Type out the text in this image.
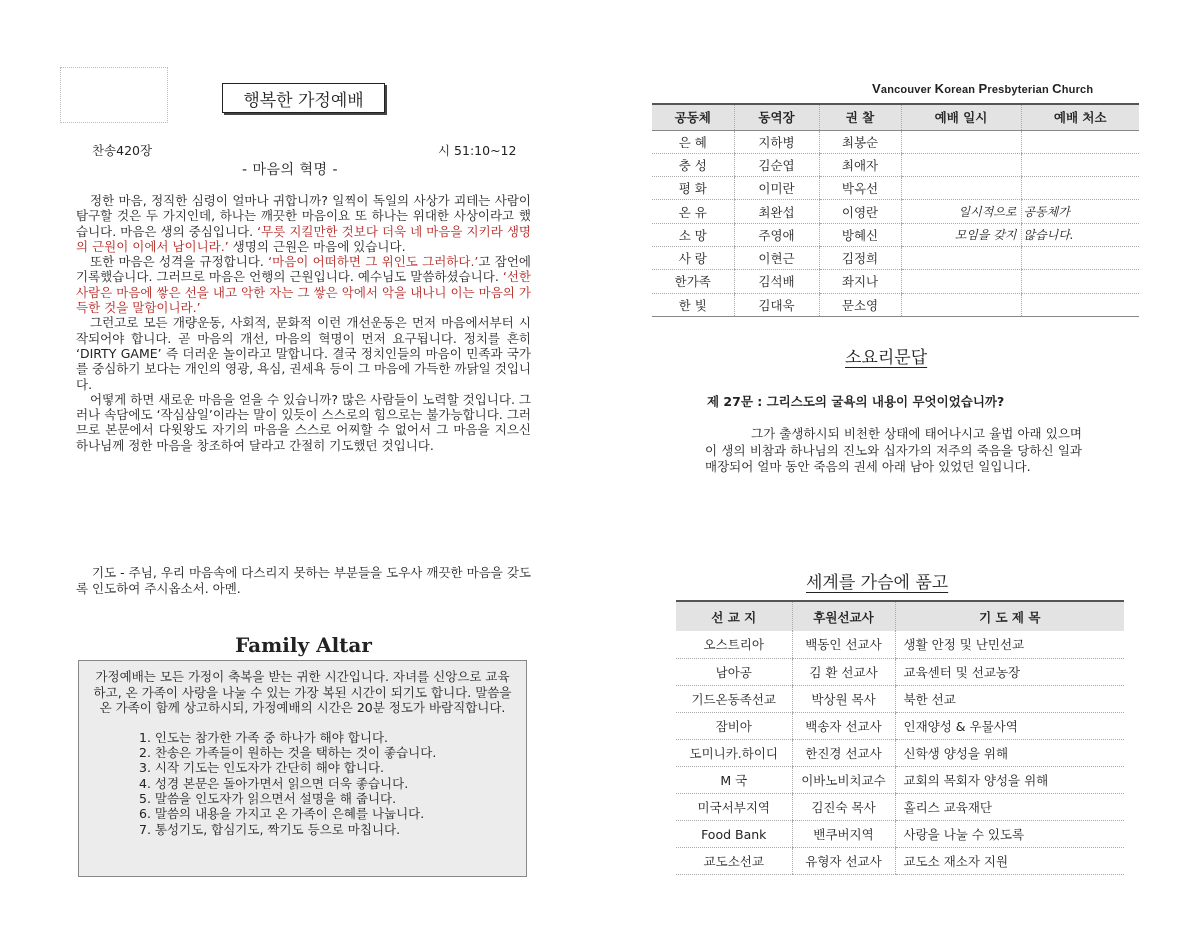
행복한 가정예배
찬송420장	시 51:10~12
- 마음의 혁명 -

정한 마음, 정직한 심령이 얼마나 귀합니까? 일찍이 독일의 사상가 괴테는 사람이 탐구할 것은 두 가지인데, 하나는 깨끗한 마음이요 또 하나는 위대한 사상이라고 했습니다. 마음은 생의 중심입니다. ‘무릇 지킬만한 것보다 더욱 네 마음을 지키라 생명의 근원이 이에서 남이니라.’ 생명의 근원은 마음에 있습니다.

또한 마음은 성격을 규정합니다. ‘마음이 어떠하면 그 위인도 그러하다.’고 잠언에 기록했습니다. 그러므로 마음은 언행의 근원입니다. 예수님도 말씀하셨습니다. ‘선한 사람은 마음에 쌓은 선을 내고 악한 자는 그 쌓은 악에서 악을 내나니 이는 마음의 가득한 것을 말함이니라.’

그런고로 모든 개량운동, 사회적, 문화적 이런 개선운동은 먼저 마음에서부터 시작되어야 합니다. 곧 마음의 개선, 마음의 혁명이 먼저 요구됩니다. 정치를 흔히 ‘DIRTY GAME’ 즉 더러운 놀이라고 말합니다. 결국 정치인들의 마음이 민족과 국가를 중심하기 보다는 개인의 영광, 욕심, 권세욕 등이 그 마음에 가득한 까닭일 것입니다.

어떻게 하면 새로운 마음을 얻을 수 있습니까? 많은 사람들이 노력할 것입니다. 그러나 속담에도 ‘작심삼일’이라는 말이 있듯이 스스로의 힘으로는 불가능합니다. 그러므로 본문에서 다윗왕도 자기의 마음을 스스로 어찌할 수 없어서 그 마음을 지으신 하나님께 정한 마음을 창조하여 달라고 간절히 기도했던 것입니다.

기도 - 주님, 우리 마음속에 다스리지 못하는 부분들을 도우사 깨끗한 마음을 갖도록 인도하여 주시옵소서. 아멘.
Family Altar
가정예배는 모든 가정이 축복을 받는 귀한 시간입니다. 자녀를 신앙으로 교육 하고, 온 가족이 사랑을 나눌 수 있는 가장 복된 시간이 되기도 합니다. 말씀을 온 가족이 함께 상고하시되, 가정예배의 시간은 20분 정도가 바람직합니다.
1. 인도는 참가한 가족 중 하나가 해야 합니다.
2. 찬송은 가족들이 원하는 것을 택하는 것이 좋습니다.
3. 시작 기도는 인도자가 간단히 해야 합니다.
4. 성경 본문은 돌아가면서 읽으면 더욱 좋습니다.
5. 말씀을 인도자가 읽으면서 설명을 해 줍니다.
6. 말씀의 내용을 가지고 온 가족이 은혜를 나눕니다.
7. 통성기도, 합심기도, 짝기도 등으로 마칩니다.
Vancouver Korean Presbyterian Church
공동체	동역장	권 찰	예배 일시	예배 처소
은 혜	지하병	최봉순		
충 성	김순엽	최애자		
평 화	이미란	박옥선		
온 유	최완섭	이영란	일시적으로	공동체가
소 망	주영애	방혜신	모임을 갖지	않습니다.
사 랑	이현근	김정희		
한가족	김석배	좌지나		
한 빛	김대욱	문소영		
소요리문답
제 27문 : 그리스도의 굴욕의 내용이 무엇이었습니까?
그가 출생하시되 비천한 상태에 태어나시고 율법 아래 있으며 이 생의 비참과 하나님의 진노와 십자가의 저주의 죽음을 당하신 일과 매장되어 얼마 동안 죽음의 권세 아래 남아 있었던 일입니다.
세계를 가슴에 품고
선 교 지	후원선교사	기 도 제 목
오스트리아	백동인 선교사	생활 안정 및 난민선교
남아공	김 환 선교사	교육센터 및 선교농장
기드온동족선교	박상원 목사	북한 선교
잠비아	백송자 선교사	인재양성 & 우물사역
도미니카.하이디	한진경 선교사	신학생 양성을 위해
M 국	이바노비치교수	교회의 목회자 양성을 위해
미국서부지역	김진숙 목사	홀리스 교육재단
Food Bank	밴쿠버지역	사랑을 나눌 수 있도록
교도소선교	유형자 선교사	교도소 재소자 지원
